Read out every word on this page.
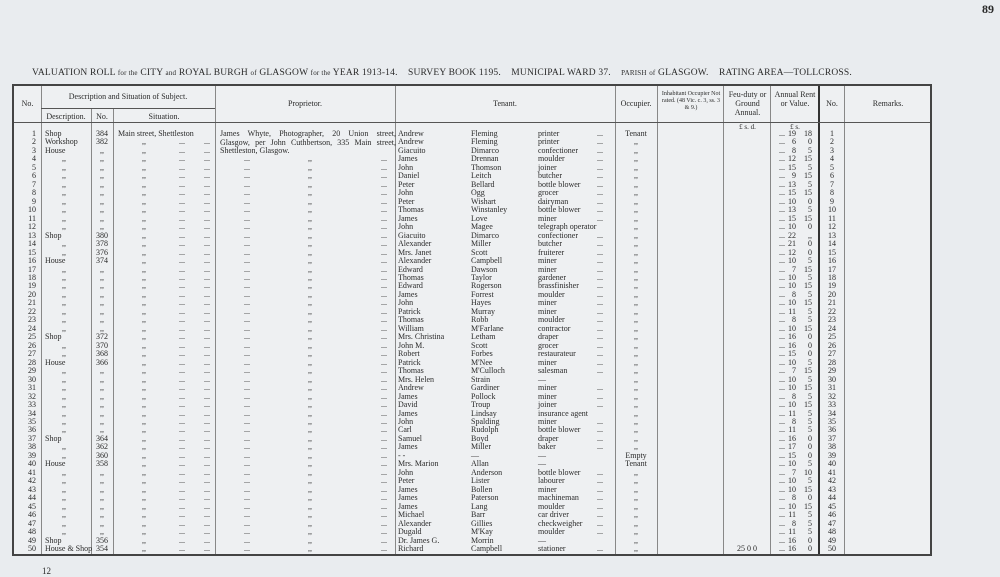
89
VALUATION ROLL for the CITY and ROYAL BURGH of GLASGOW for the YEAR 1913-14. SURVEY BOOK 1195. MUNICIPAL WARD 37. PARISH of GLASGOW. RATING AREA—TOLLCROSS.
No.
Description and Situation of Subject.
Description.	No.	Situation.
Proprietor.	Tenant.	Occupier.
Inhabitant Occupier Not rated. (48 Vic. c. 3, ss. 3 & 9.)
Feu-duty or Ground Annual.
Annual Rent or Value.	No.	Remarks.
£ s. d.	£ s.
James Whyte, Photographer, 20 Union street, Glasgow, per John Cuthbertson, 335 Main street, Shettleston, Glasgow.
1 Shop	384	Main street, Shettleston	Andrew	Fleming	printer	...	Tenant	... 19	18	1
2 Workshop	382	,,	...	...	Andrew	Fleming	printer	...	,,	... 6	0	2
3 House	,,	,,	...	...	Giacuito	Dimarco	confectioner	...	,,	... 8	5	3
4	,,	,,	,,	...	...	...	,,	...	James	Drennan	moulder	...	,,	... 12	15	4
5	,,	,,	,,	...	...	...	,,	...	John	Thomson	joiner	...	,,	... 15	5	5
6	,,	,,	,,	...	...	...	,,	...	Daniel	Leitch	butcher	...	,,	... 9	15	6
7	,,	,,	,,	...	...	...	,,	...	Peter	Bellard	bottle blower	...	,,	... 13	5	7
8	,,	,,	,,	...	...	...	,,	...	John	Ogg	grocer	...	,,	... 15	15	8
9	,,	,,	,,	...	...	...	,,	...	Peter	Wishart	dairyman	...	,,	... 10	0	9
10	,,	,,	,,	...	...	...	,,	...	Thomas	Winstanley	bottle blower	...	,,	... 13	5	10
11	,,	,,	,,	...	...	...	,,	...	James	Love	miner	...	,,	... 15	15	11
12	,,	,,	,,	...	...	...	,,	...	John	Magee	telegraph operator	,,	... 10	0	12
13 Shop	380	,,	...	...	...	,,	...	Giacuito	Dimarco	confectioner	...	,,	... 22	,,	13
14	,,	378	,,	...	...	...	,,	...	Alexander	Miller	butcher	...	,,	... 21	0	14
15	,,	376	,,	...	...	...	,,	...	Mrs. Janet	Scott	fruiterer	...	,,	... 12	0	15
16 House	374	,,	...	...	...	,,	...	Alexander	Campbell	miner	...	,,	... 10	5	16
17	,,	,,	,,	...	...	...	,,	...	Edward	Dawson	miner	...	,,	... 7	15	17
18	,,	,,	,,	...	...	...	,,	...	Thomas	Taylor	gardener	...	,,	... 10	5	18
19	,,	,,	,,	...	...	...	,,	...	Edward	Rogerson	brassfinisher	...	,,	... 10	15	19
20	,,	,,	,,	...	...	...	,,	...	James	Forrest	moulder	...	,,	... 8	5	20
21	,,	,,	,,	...	...	...	,,	...	John	Hayes	miner	...	,,	... 10	15	21
22	,,	,,	,,	...	...	...	,,	...	Patrick	Murray	miner	...	,,	... 11	5	22
23	,,	,,	,,	...	...	...	,,	...	Thomas	Robb	moulder	...	,,	... 8	5	23
24	,,	,,	,,	...	...	...	,,	...	William	M'Farlane	contractor	...	,,	... 10	15	24
25 Shop	372	,,	...	...	...	,,	...	Mrs. Christina	Letham	draper	...	,,	... 16	0	25
26	,,	370	,,	...	...	...	,,	...	John M.	Scott	grocer	...	,,	... 16	0	26
27	,,	368	,,	...	...	...	,,	...	Robert	Forbes	restaurateur	...	,,	... 15	0	27
28 House	366	,,	...	...	...	,,	...	Patrick	M'Nee	miner	...	,,	... 10	5	28
29	,,	,,	,,	...	...	...	,,	...	Thomas	M'Culloch	salesman	...	,,	... 7	15	29
30	,,	,,	,,	...	...	...	,,	...	Mrs. Helen	Strain	—	,,	... 10	5	30
31	,,	,,	,,	...	...	...	,,	...	Andrew	Gardiner	miner	...	,,	... 10	15	31
32	,,	,,	,,	...	...	...	,,	...	James	Pollock	miner	...	,,	... 8	5	32
33	,,	,,	,,	...	...	...	,,	...	David	Troup	joiner	...	,,	... 10	15	33
34	,,	,,	,,	...	...	...	,,	...	James	Lindsay	insurance agent	,,	... 11	5	34
35	,,	,,	,,	...	...	...	,,	...	John	Spalding	miner	...	,,	... 8	5	35
36	,,	,,	,,	...	...	...	,,	...	Carl	Rudolph	bottle blower	...	,,	... 11	5	36
37 Shop	364	,,	...	...	...	,,	...	Samuel	Boyd	draper	...	,,	... 16	0	37
38	,,	362	,,	...	...	...	,,	...	James	Miller	baker	...	,,	... 17	0	38
39	,,	360	,,	...	...	...	,,	...	- -	—	—	Empty	... 15	0	39
40 House	358	,,	...	...	...	,,	...	Mrs. Marion	Allan	—	Tenant	... 10	5	40
41	,,	,,	,,	...	...	...	,,	...	John	Anderson	bottle blower	...	,,	... 7	10	41
42	,,	,,	,,	...	...	...	,,	...	Peter	Lister	labourer	...	,,	... 10	5	42
43	,,	,,	,,	...	...	...	,,	...	James	Bollen	miner	...	,,	... 10	15	43
44	,,	,,	,,	...	...	...	,,	...	James	Paterson	machineman	...	,,	... 8	0	44
45	,,	,,	,,	...	...	...	,,	...	James	Lang	moulder	...	,,	... 10	15	45
46	,,	,,	,,	...	...	...	,,	...	Michael	Barr	car driver	...	,,	... 11	5	46
47	,,	,,	,,	...	...	...	,,	...	Alexander	Gillies	checkweigher	...	,,	... 8	5	47
48	,,	,,	,,	...	...	...	,,	...	Dugald	M'Kay	moulder	...	,,	... 11	5	48
49 Shop	356	,,	...	...	...	,,	...	Dr. James G.	Morrin	—	,,	... 16	0	49
50 House & Shop 354	,,	...	...	...	,,	...	Richard	Campbell	stationer	...	,,	25 0 0	... 16	0	50
12
